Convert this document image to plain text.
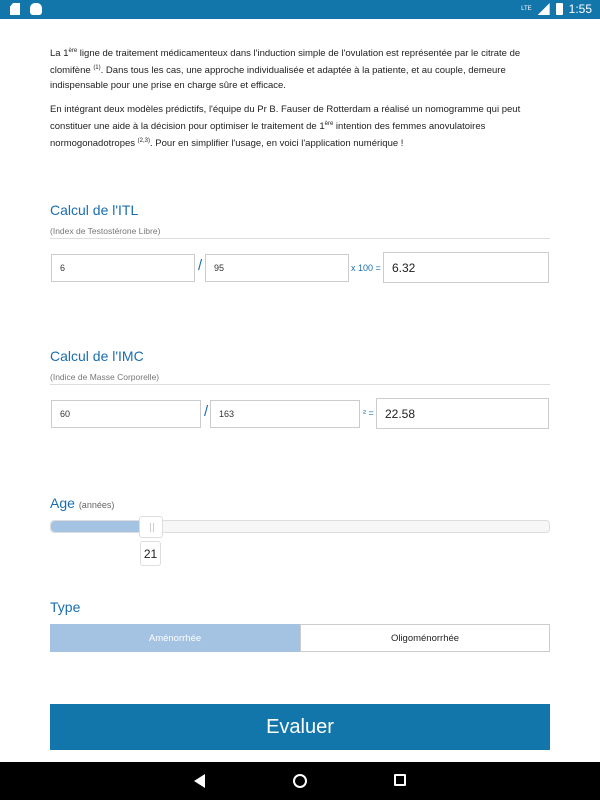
LTE	1:55

La 1ère ligne de traitement médicamenteux dans l'induction simple de l'ovulation est représentée par le citrate de clomifène $^{(1)}$. Dans tous les cas, une approche individualisée et adaptée à la patiente, et au couple, demeure indispensable pour une prise en charge sûre et efficace.

En intégrant deux modèles prédictifs, l'équipe du Pr B. Fauser de Rotterdam a réalisé un nomogramme qui peut constituer une aide à la décision pour optimiser le traitement de 1ère intention des femmes anovulatoires normogonadotropes $^{(2,3)}$. Pour en simplifier l'usage, en voici l'application numérique !

Calcul de l'ITL
(Index de Testostérone Libre)
6	/	95	x 100 = 6.32
Calcul de l'IMC
(Indice de Masse Corporelle)
60	/	163	² = 22.58
Age (années)
21
Type
Aménorrhée	Oligoménorrhée
Evaluer
